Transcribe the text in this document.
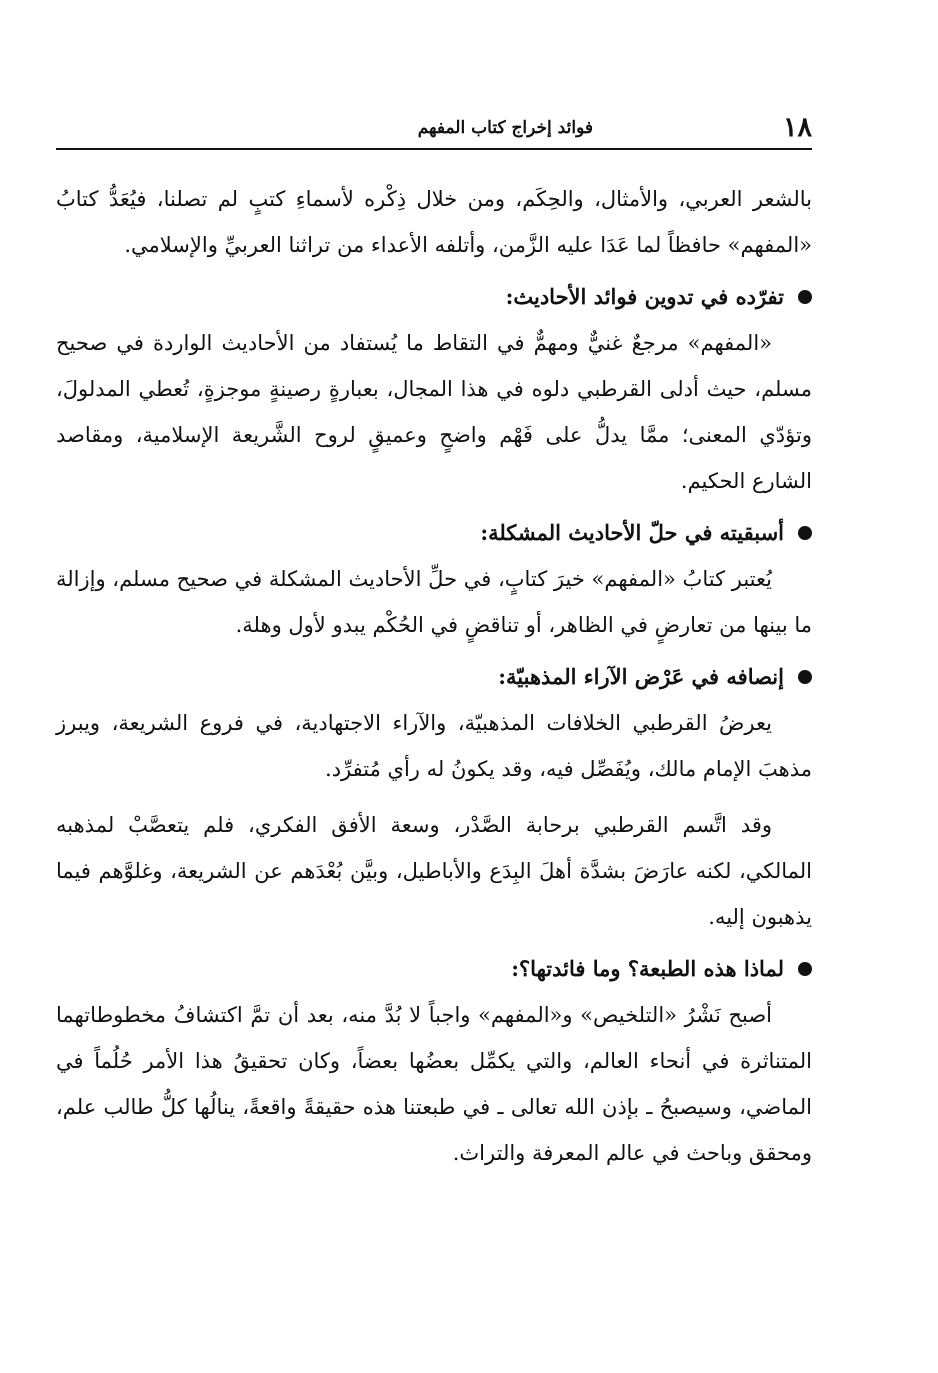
١٨
فوائد إخراج كتاب المفهم

بالشعر العربي، والأمثال، والحِكَم، ومن خلال ذِكْره لأسماءِ كتبٍ لم تصلنا، فيُعَدُّ كتابُ «المفهم» حافظاً لما عَدَا عليه الزَّمن، وأتلفه الأعداء من تراثنا العربيِّ والإسلامي.

تفرّده في تدوين فوائد الأحاديث:

«المفهم» مرجعٌ غنيٌّ ومهمٌّ في التقاط ما يُستفاد من الأحاديث الواردة في صحيح مسلم، حيث أدلى القرطبي دلوه في هذا المجال، بعبارةٍ رصينةٍ موجزةٍ، تُعطي المدلولَ، وتؤدّي المعنى؛ ممَّا يدلُّ على فَهْم واضحٍ وعميقٍ لروح الشَّريعة الإسلامية، ومقاصد الشارع الحكيم.

أسبقيته في حلّ الأحاديث المشكلة:

يُعتبر كتابُ «المفهم» خيرَ كتابٍ، في حلِّ الأحاديث المشكلة في صحيح مسلم، وإزالة ما بينها من تعارضٍ في الظاهر، أو تناقضٍ في الحُكْم يبدو لأول وهلة.

إنصافه في عَرْض الآراء المذهبيّة:

يعرضُ القرطبي الخلافات المذهبيّة، والآراء الاجتهادية، في فروع الشريعة، ويبرز مذهبَ الإمام مالك، ويُفَصِّل فيه، وقد يكونُ له رأي مُتفرِّد.

وقد اتَّسم القرطبي برحابة الصَّدْر، وسعة الأفق الفكري، فلم يتعصَّبْ لمذهبه المالكي، لكنه عارَضَ بشدَّة أهلَ البِدَع والأباطيل، وبيَّن بُعْدَهم عن الشريعة، وغلوَّهم فيما يذهبون إليه.

لماذا هذه الطبعة؟ وما فائدتها؟:

أصبح نَشْرُ «التلخيص» و«المفهم» واجباً لا بُدَّ منه، بعد أن تمَّ اكتشافُ مخطوطاتهما المتناثرة في أنحاء العالم، والتي يكمِّل بعضُها بعضاً، وكان تحقيقُ هذا الأمر حُلُماً في الماضي، وسيصبحُ ـ بإذن الله تعالى ـ في طبعتنا هذه حقيقةً واقعةً، ينالُها كلُّ طالب علم، ومحقق وباحث في عالم المعرفة والتراث.
